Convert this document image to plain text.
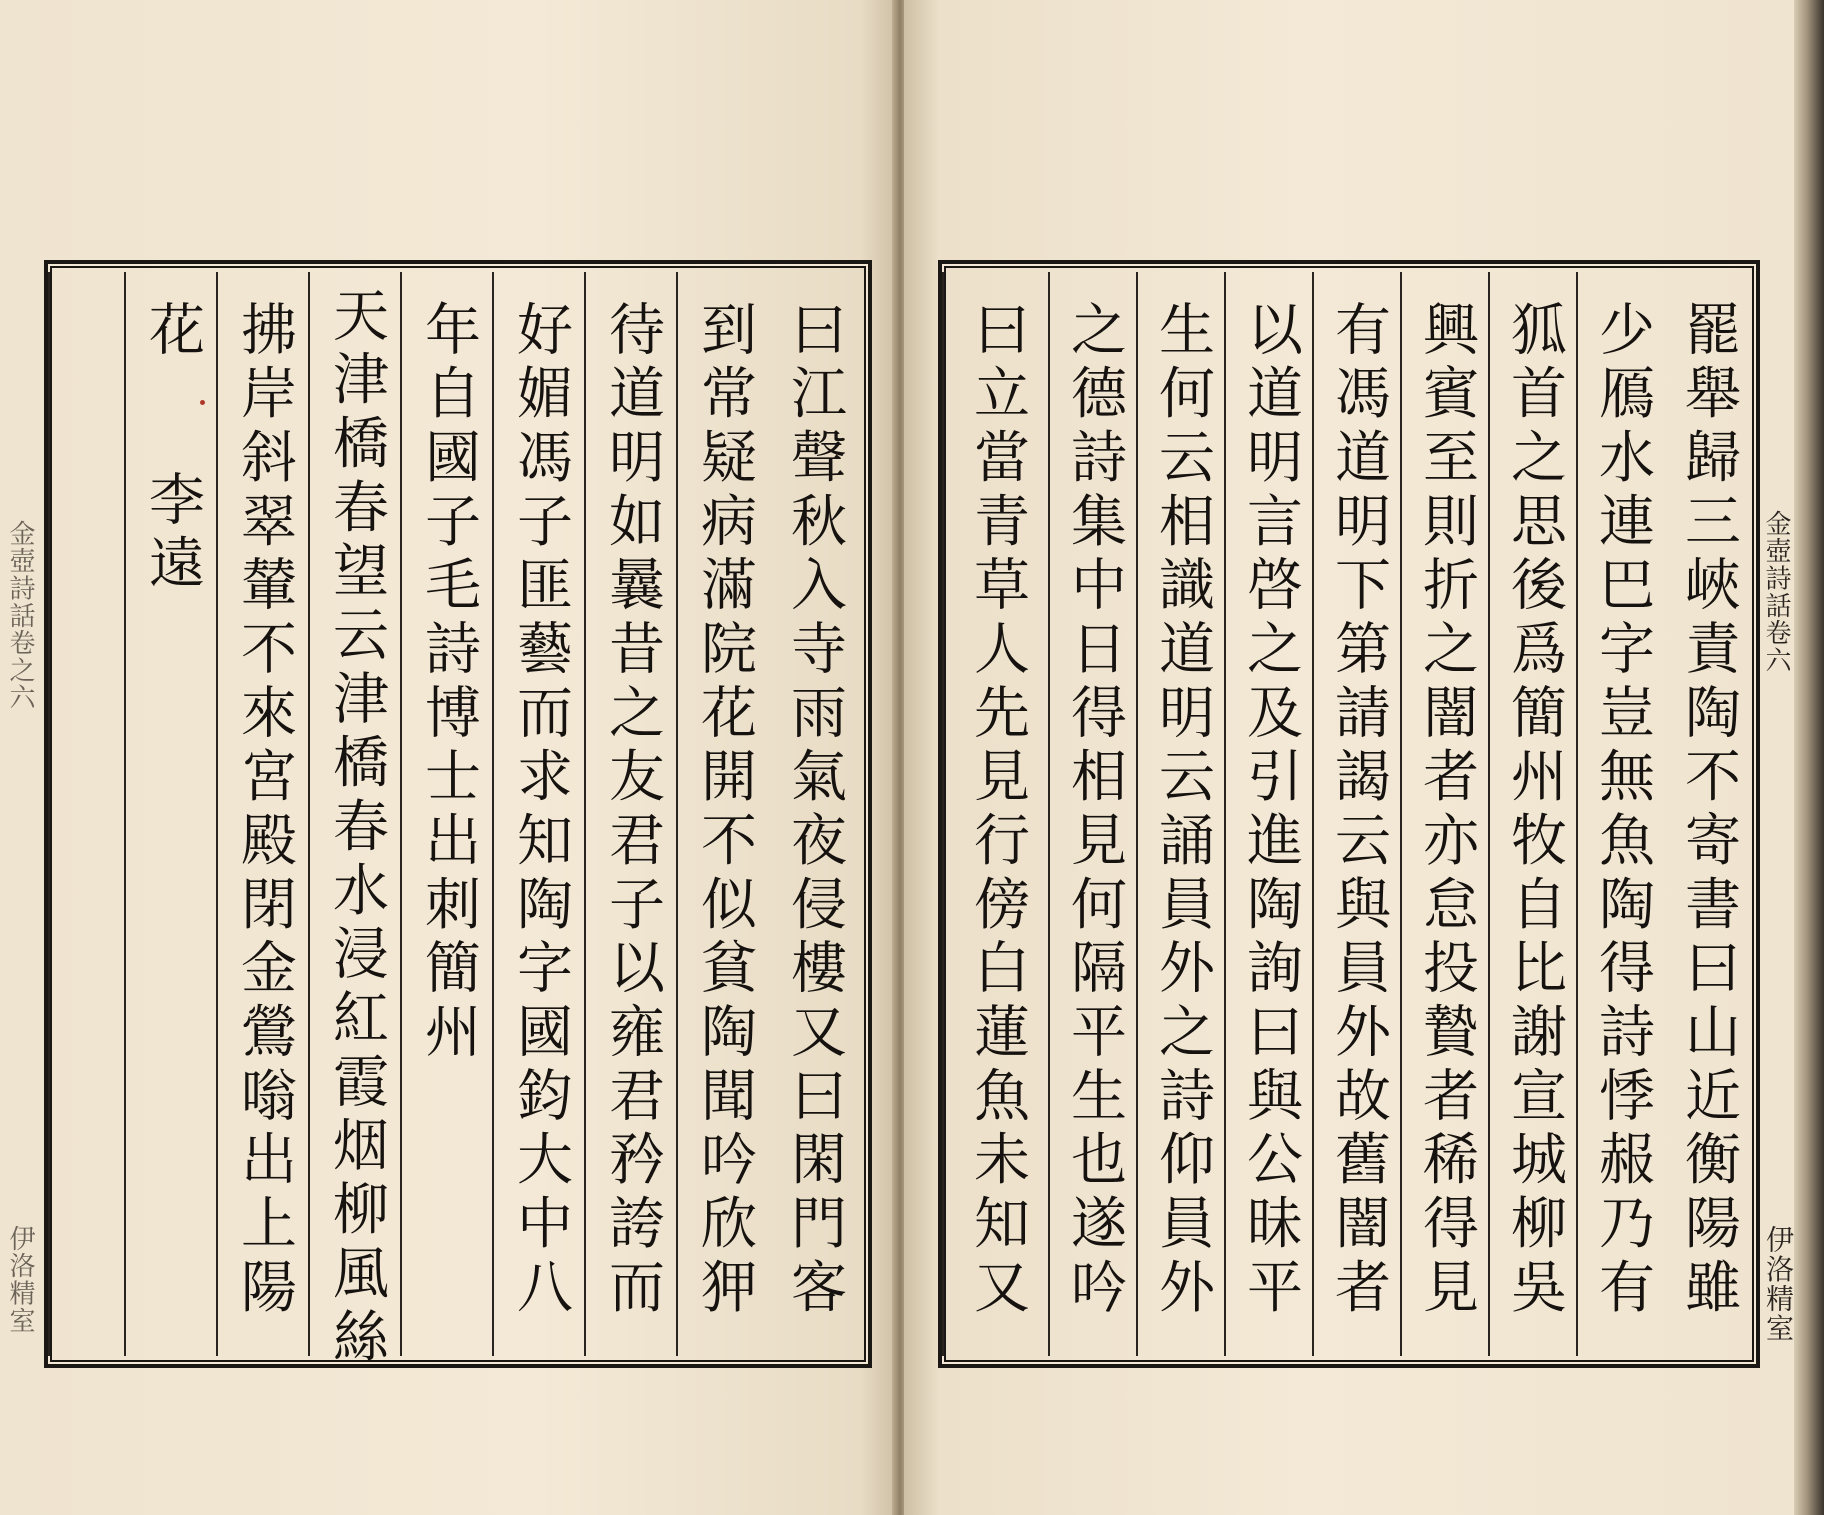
曰江聲秋入寺雨氣夜侵樓又曰閑門客
到常疑病滿院花開不似貧陶聞吟欣狎
待道明如曩昔之友君子以雍君矜誇而
好媚馮子匪藝而求知陶字國鈞大中八
年自國子毛詩博士出刺簡州
天津橋春望云津橋春水浸紅霞烟柳風絲
拂岸斜翠輦不來宮殿閉金鶯嗡出上陽
花
李遠	罷舉歸三峽責陶不寄書曰山近衡陽雖
少鴈水連巴字豈無魚陶得詩悸赧乃有
狐首之思後爲簡州牧自比謝宣城柳吳
興賓至則折之闇者亦怠投贄者稀得見
有馮道明下第請謁云與員外故舊闇者
以道明言啓之及引進陶詢曰與公昧平
生何云相識道明云誦員外之詩仰員外
之德詩集中日得相見何隔平生也遂吟
曰立當青草人先見行傍白蓮魚未知又	金壺詩話卷六
伊洛精室
金壺詩話卷之六
伊洛精室
